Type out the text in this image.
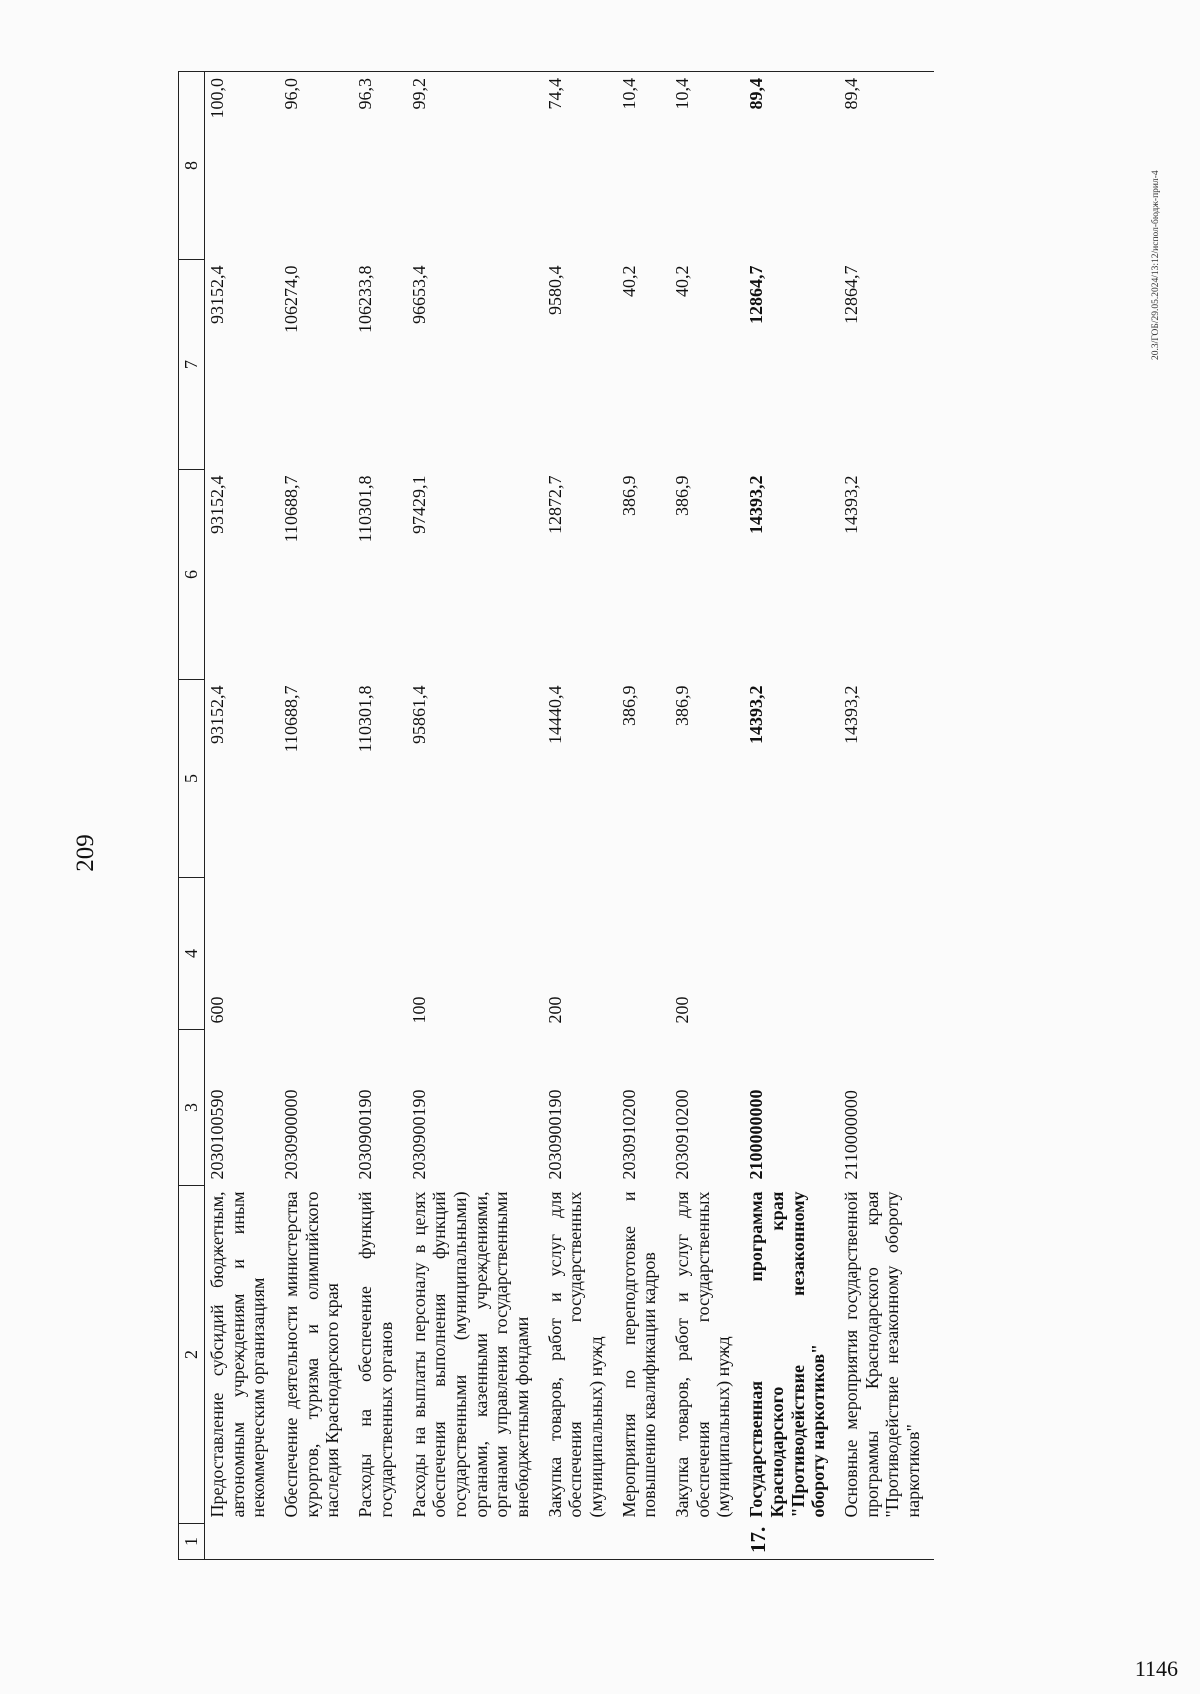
209
1	2	3	4	5	6	7	8
	Предоставление субсидий бюджетным, автономным учреждениям и иным некоммерческим организациям	2030100590	600	93152,4	93152,4	93152,4	100,0
	Обеспечение деятельности министерства курортов, туризма и олимпийского наследия Краснодарского края	2030900000		110688,7	110688,7	106274,0	96,0
	Расходы на обеспечение функций государственных органов	2030900190		110301,8	110301,8	106233,8	96,3
	Расходы на выплаты персоналу в целях обеспечения выполнения функций государственными (муниципальными) органами, казенными учреждениями, органами управления государственными внебюджетными фондами	2030900190	100	95861,4	97429,1	96653,4	99,2
	Закупка товаров, работ и услуг для обеспечения государственных (муниципальных) нужд	2030900190	200	14440,4	12872,7	9580,4	74,4
	Мероприятия по переподготовке и повышению квалификации кадров	2030910200		386,9	386,9	40,2	10,4
	Закупка товаров, работ и услуг для обеспечения государственных (муниципальных) нужд	2030910200	200	386,9	386,9	40,2	10,4
17.	Государственная программа Краснодарского края "Противодействие незаконному обороту наркотиков"	2100000000		14393,2	14393,2	12864,7	89,4
	Основные мероприятия государственной программы Краснодарского края "Противодействие незаконному обороту наркотиков"	2110000000		14393,2	14393,2	12864,7	89,4
20.3/ГОБ/29.05.2024/13:12/испол-бюдж-прил-4
1146
